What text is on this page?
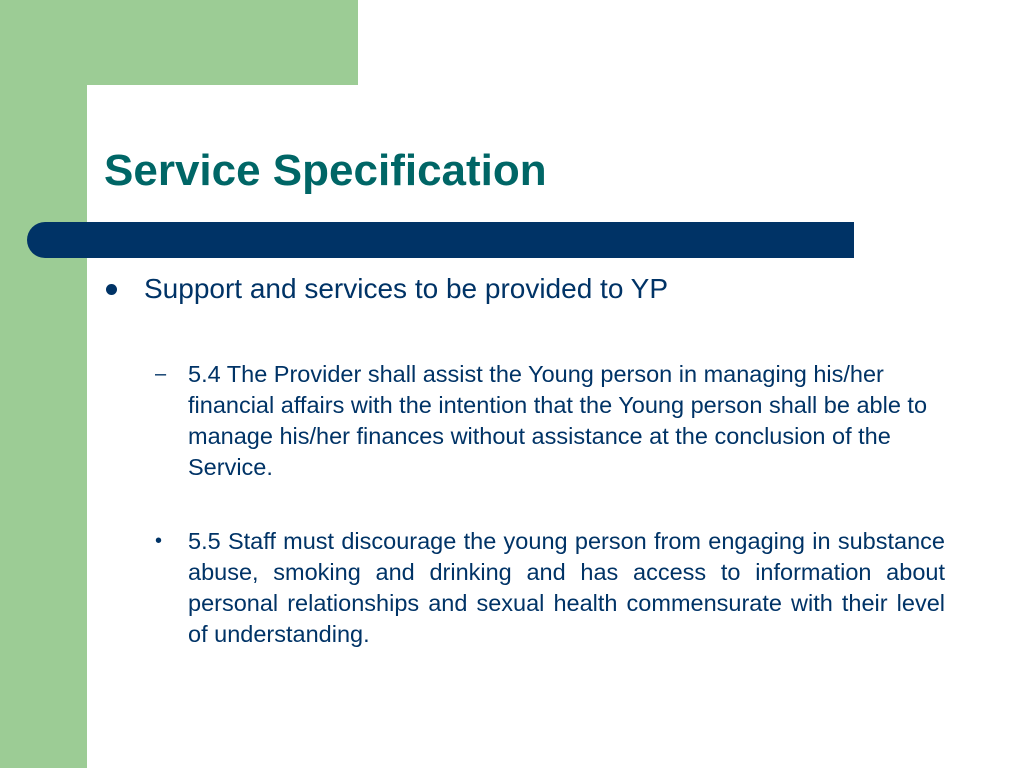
Service Specification
Support and services to be provided to YP
– 5.4 The Provider shall assist the Young person in managing his/her financial affairs with the intention that the Young person shall be able to manage his/her finances without assistance at the conclusion of the Service.
• 5.5 Staff must discourage the young person from engaging in substance abuse, smoking and drinking and has access to information about personal relationships and sexual health commensurate with their level of understanding.
